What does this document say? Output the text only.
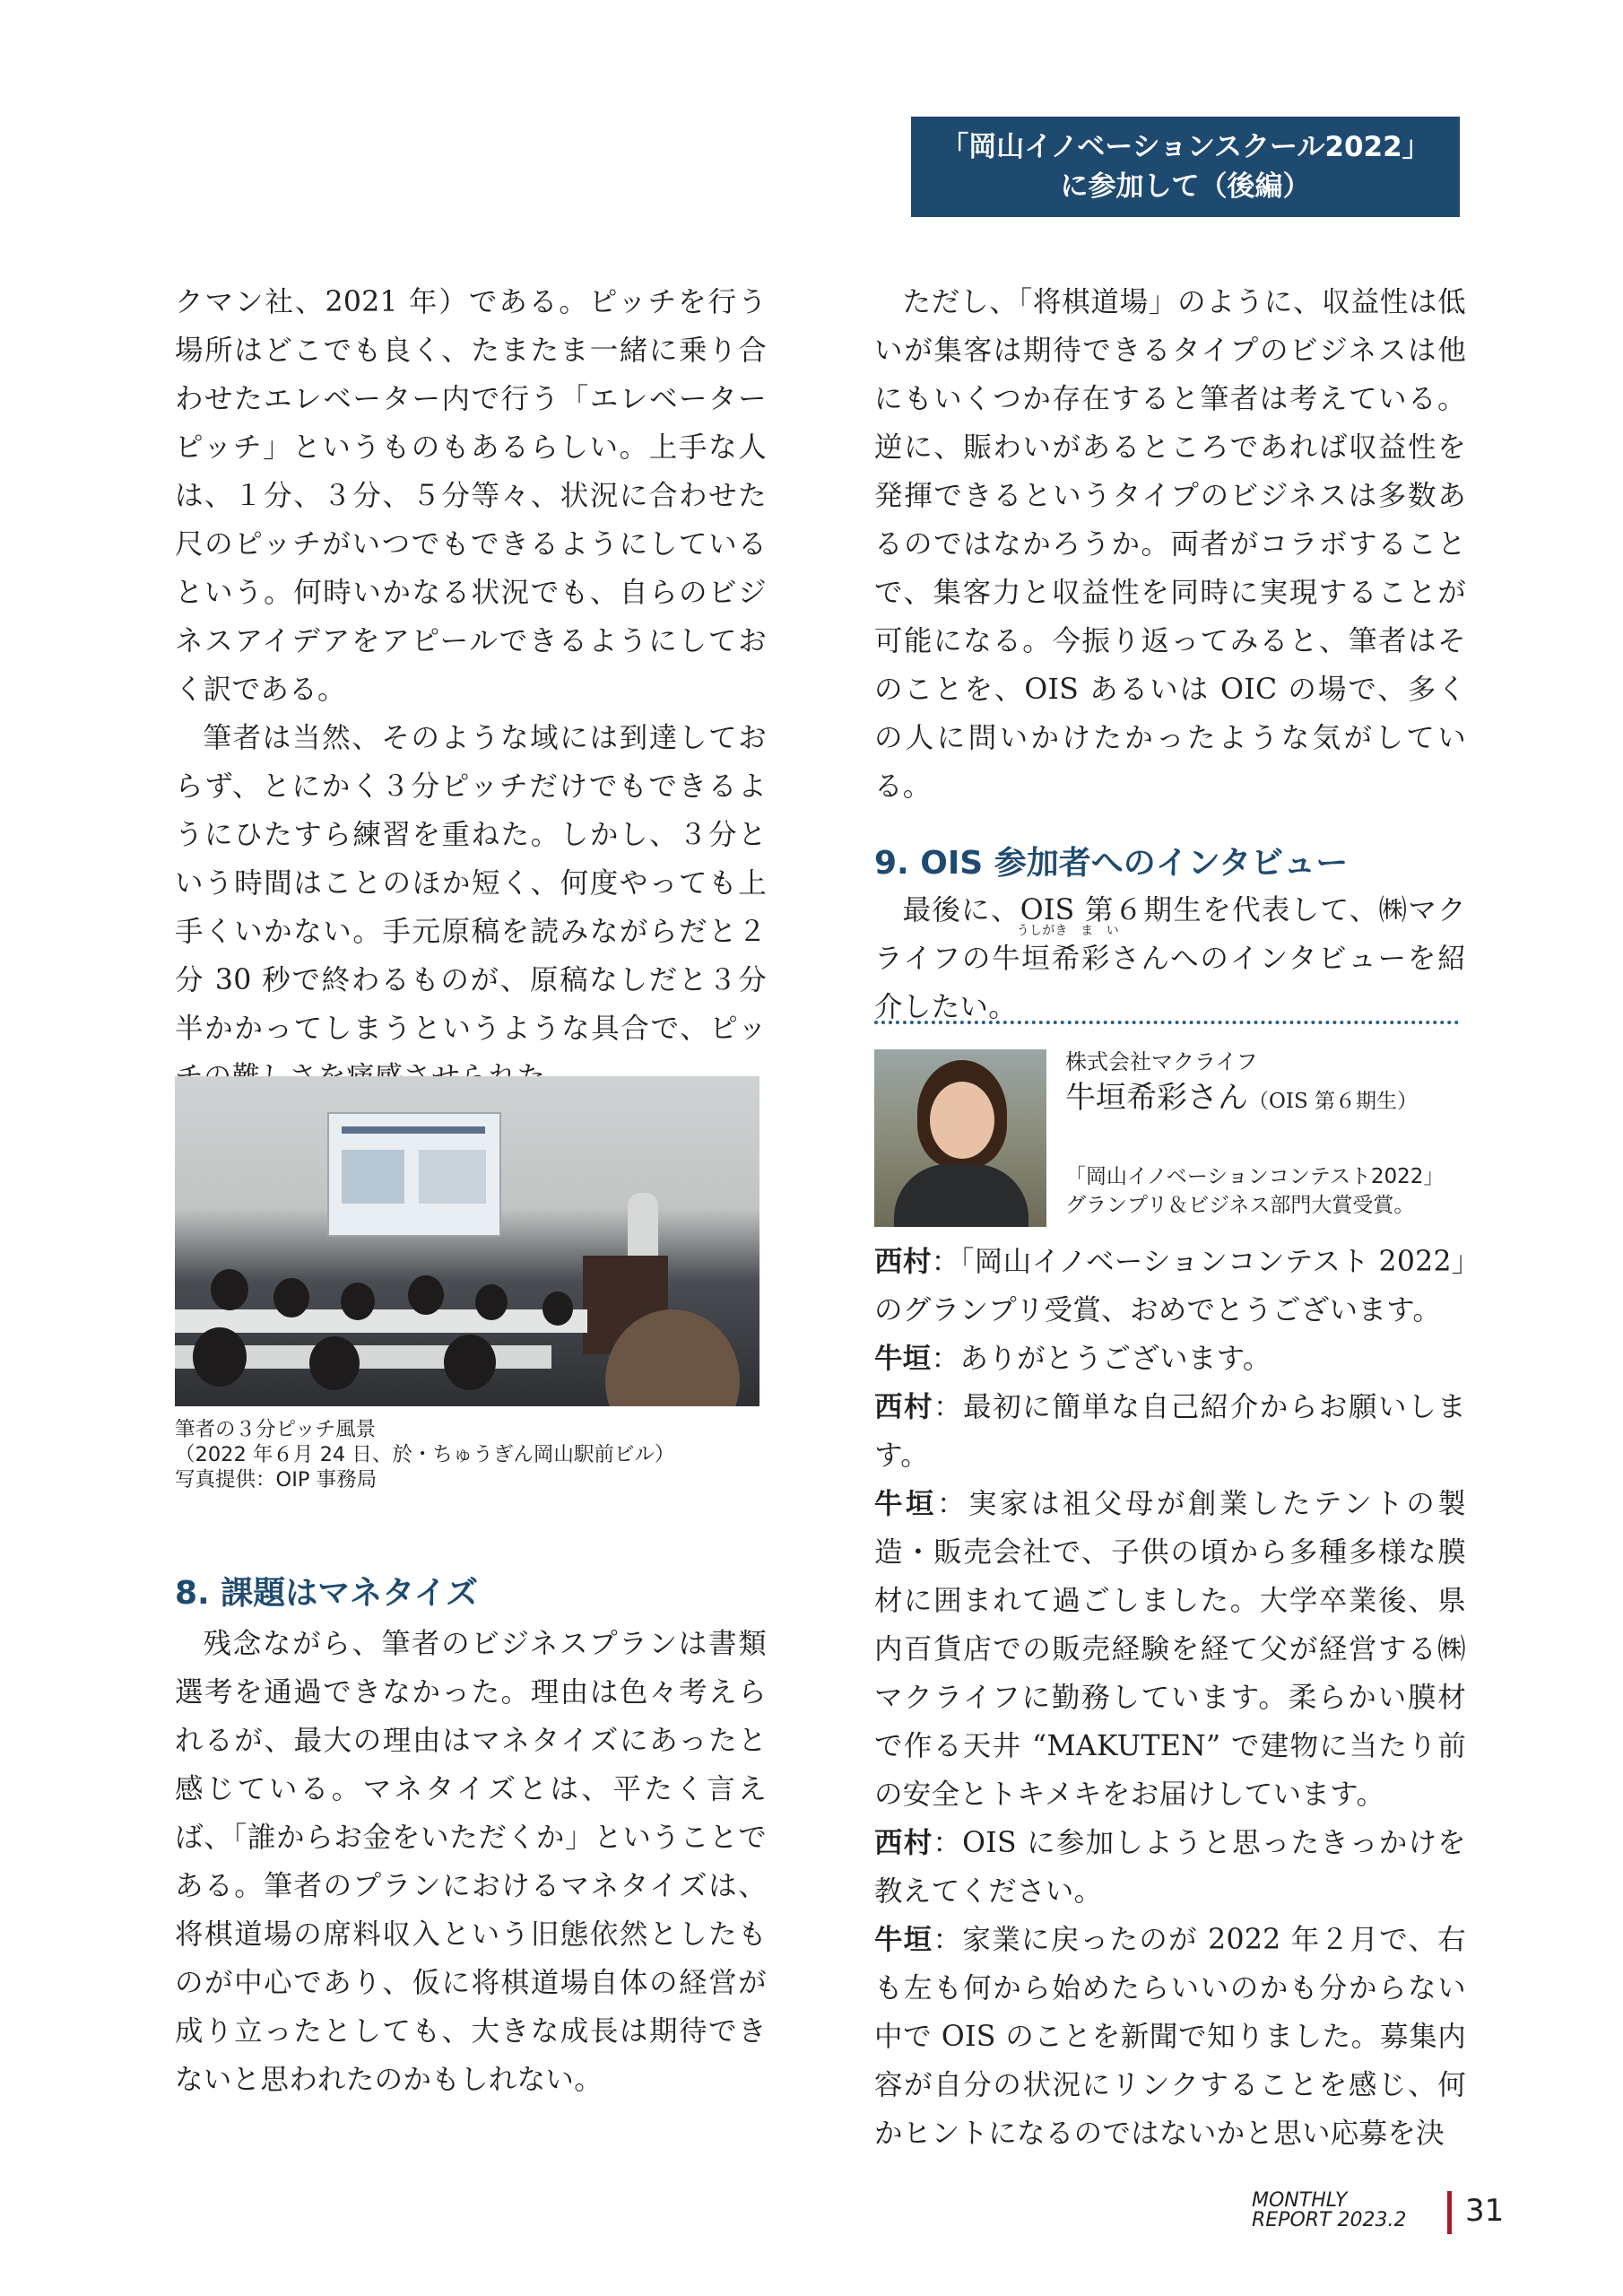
「岡山イノベーションスクール2022」
に参加して（後編）

クマン社、2021 年）である。ピッチを行う場所はどこでも良く、たまたま一緒に乗り合わせたエレベーター内で行う「エレベーターピッチ」というものもあるらしい。上手な人は、１分、３分、５分等々、状況に合わせた尺のピッチがいつでもできるようにしているという。何時いかなる状況でも、自らのビジネスアイデアをアピールできるようにしておく訳である。

筆者は当然、そのような域には到達しておらず、とにかく３分ピッチだけでもできるようにひたすら練習を重ねた。しかし、３分という時間はことのほか短く、何度やっても上手くいかない。手元原稿を読みながらだと２分 30 秒で終わるものが、原稿なしだと３分半かかってしまうというような具合で、ピッ

筆者の３分ピッチ風景
（2022 年６月 24 日、於・ちゅうぎん岡山駅前ビル）
写真提供：OIP 事務局
8. 課題はマネタイズ

残念ながら、筆者のビジネスプランは書類選考を通過できなかった。理由は色々考えられるが、最大の理由はマネタイズにあったと感じている。マネタイズとは、平たく言えば、「誰からお金をいただくか」ということである。筆者のプランにおけるマネタイズは、将棋道場の席料収入という旧態依然としたものが中心であり、仮に将棋道場自体の経営が成り立ったとしても、大きな成長は期待できないと思われたのかもしれない。

ただし、「将棋道場」のように、収益性は低いが集客は期待できるタイプのビジネスは他にもいくつか存在すると筆者は考えている。逆に、賑わいがあるところであれば収益性を発揮できるというタイプのビジネスは多数あるのではなかろうか。両者がコラボすることで、集客力と収益性を同時に実現することが可能になる。今振り返ってみると、筆者はそのことを、OIS あるいは OIC の場で、多くの人に問いかけたかったような気がしている。

9. OIS 参加者へのインタビュー

最後に、OIS 第６期生を代表して、㈱マクライフの
うしがき　ま　い
牛垣希彩さんへのインタビューを紹介したい。

株式会社マクライフ
牛垣希彩さん（OIS 第６期生）
「岡山イノベーションコンテスト2022」
グランプリ＆ビジネス部門大賞受賞。

西村：「岡山イノベーションコンテスト 2022」のグランプリ受賞、おめでとうございます。

牛垣：ありがとうございます。

西村：最初に簡単な自己紹介からお願いします。

牛垣：実家は祖父母が創業したテントの製造・販売会社で、子供の頃から多種多様な膜材に囲まれて過ごしました。大学卒業後、県内百貨店での販売経験を経て父が経営する㈱マクライフに勤務しています。柔らかい膜材で作る天井 “MAKUTEN” で建物に当たり前の安全とトキメキをお届けしています。

西村：OIS に参加しようと思ったきっかけを教えてください。

牛垣：家業に戻ったのが 2022 年２月で、右も左も何から始めたらいいのかも分からない中で OIS のことを新聞で知りました。募集内容が自分の状況にリンクすることを感じ、何かヒントになるのではないかと思い応募を決

MONTHLY
REPORT 2023.2 31
